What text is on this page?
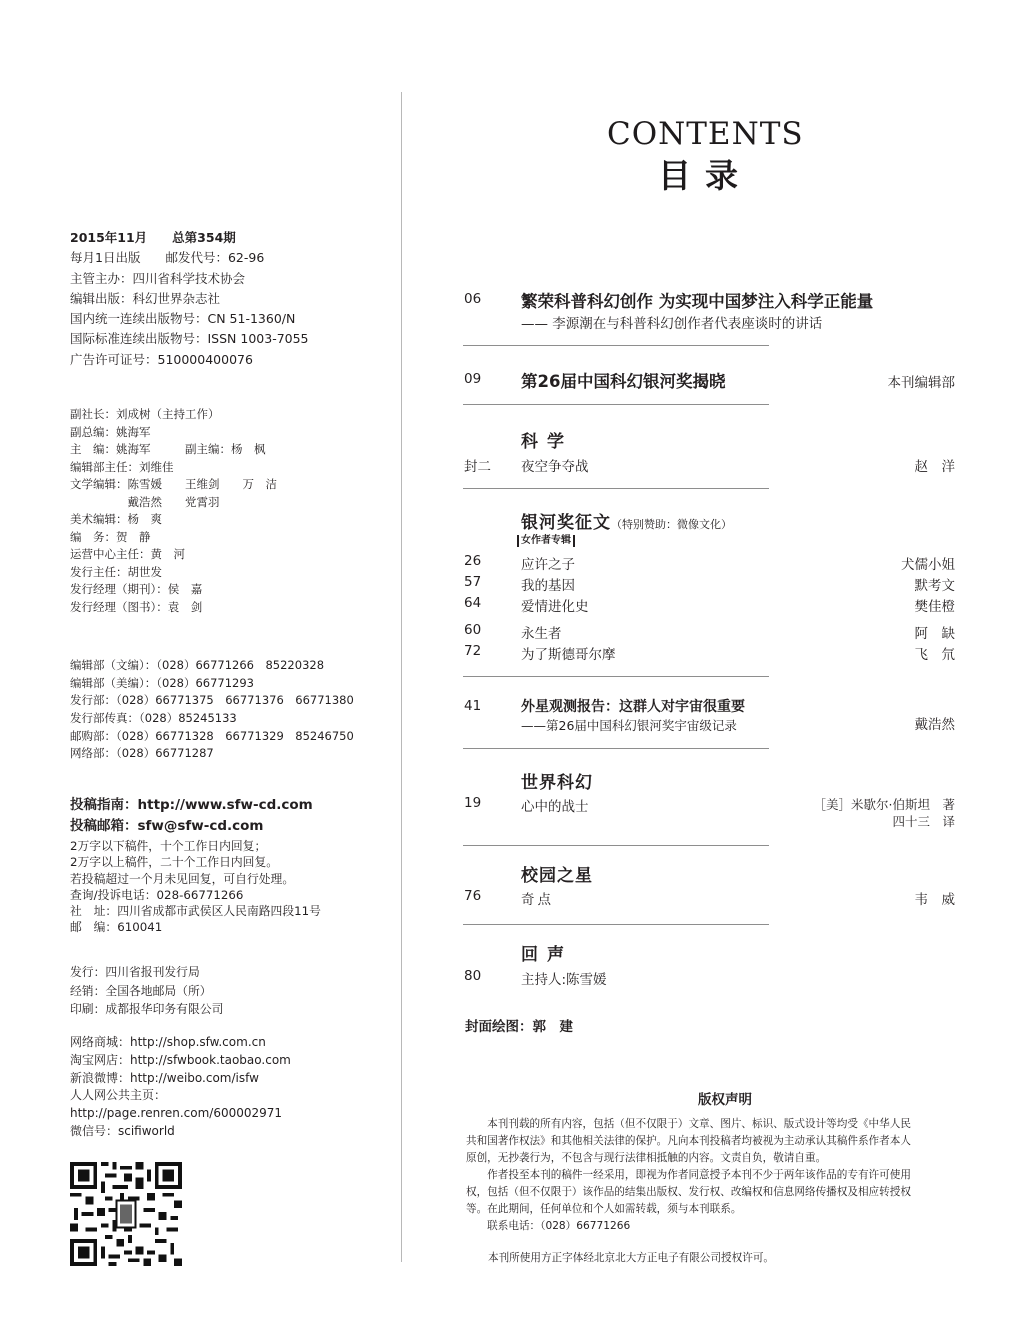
2015年11月　　总第354期
每月1日出版　　邮发代号：62-96
主管主办：四川省科学技术协会
编辑出版：科幻世界杂志社
国内统一连续出版物号：CN 51-1360/N
国际标准连续出版物号：ISSN 1003-7055
广告许可证号：510000400076
副社长：刘成树（主持工作）
副总编：姚海军
主　编：姚海军　　　副主编：杨　枫
编辑部主任：刘维佳
文学编辑：陈雪媛　　王维剑　　万　洁
　　　　　戴浩然　　党霄羽
美术编辑：杨　爽
编　务：贺　静
运营中心主任：黄　河
发行主任：胡世发
发行经理（期刊）：侯　嘉
发行经理（图书）：袁　剑
编辑部（文编）：（028）66771266　85220328
编辑部（美编）：（028）66771293
发行部：（028）66771375　66771376　66771380
发行部传真：（028）85245133
邮购部：（028）66771328　66771329　85246750
网络部：（028）66771287
投稿指南：http://www.sfw-cd.com
投稿邮箱：sfw@sfw-cd.com
2万字以下稿件，十个工作日内回复；
2万字以上稿件，二十个工作日内回复。
若投稿超过一个月未见回复，可自行处理。
查询/投诉电话：028-66771266
社　址：四川省成都市武侯区人民南路四段11号
邮　编：610041
发行：四川省报刊发行局
经销：全国各地邮局（所）
印刷：成都报华印务有限公司
网络商城：http://shop.sfw.com.cn
淘宝网店：http://sfwbook.taobao.com
新浪微博：http://weibo.com/isfw
人人网公共主页：
http://page.renren.com/600002971
微信号：scifiworld
CONTENTS
目录
06	繁荣科普科幻创作 为实现中国梦注入科学正能量
—— 李源潮在与科普科幻创作者代表座谈时的讲话
09	第26届中国科幻银河奖揭晓	本刊编辑部
科学
封二	夜空争夺战	赵　洋
银河奖征文（特别赞助：微像文化）
女作者专辑
26	应许之子	犬儒小姐
57	我的基因	默考文
64	爱情进化史	樊佳橙
60	永生者	阿　缺
72	为了斯德哥尔摩	飞　氘
41	外星观测报告：这群人对宇宙很重要
——第26届中国科幻银河奖宇宙级记录	戴浩然
世界科幻
19	心中的战士	［美］米歇尔·伯斯坦　著
四十三　译
校园之星
76	奇点	韦　威
回声
80	主持人:陈雪媛
封面绘图：郭　建
版权声明
　　本刊刊载的所有内容，包括（但不仅限于）文章、图片、标识、版式设计等均受《中华人民
共和国著作权法》和其他相关法律的保护。凡向本刊投稿者均被视为主动承认其稿件系作者本人
原创，无抄袭行为，不包含与现行法律相抵触的内容。文责自负，敬请自重。
　　作者投至本刊的稿件一经采用，即视为作者同意授予本刊不少于两年该作品的专有许可使用
权，包括（但不仅限于）该作品的结集出版权、发行权、改编权和信息网络传播权及相应转授权
等。在此期间，任何单位和个人如需转载，须与本刊联系。
　　联系电话：（028）66771266
本刊所使用方正字体经北京北大方正电子有限公司授权许可。
